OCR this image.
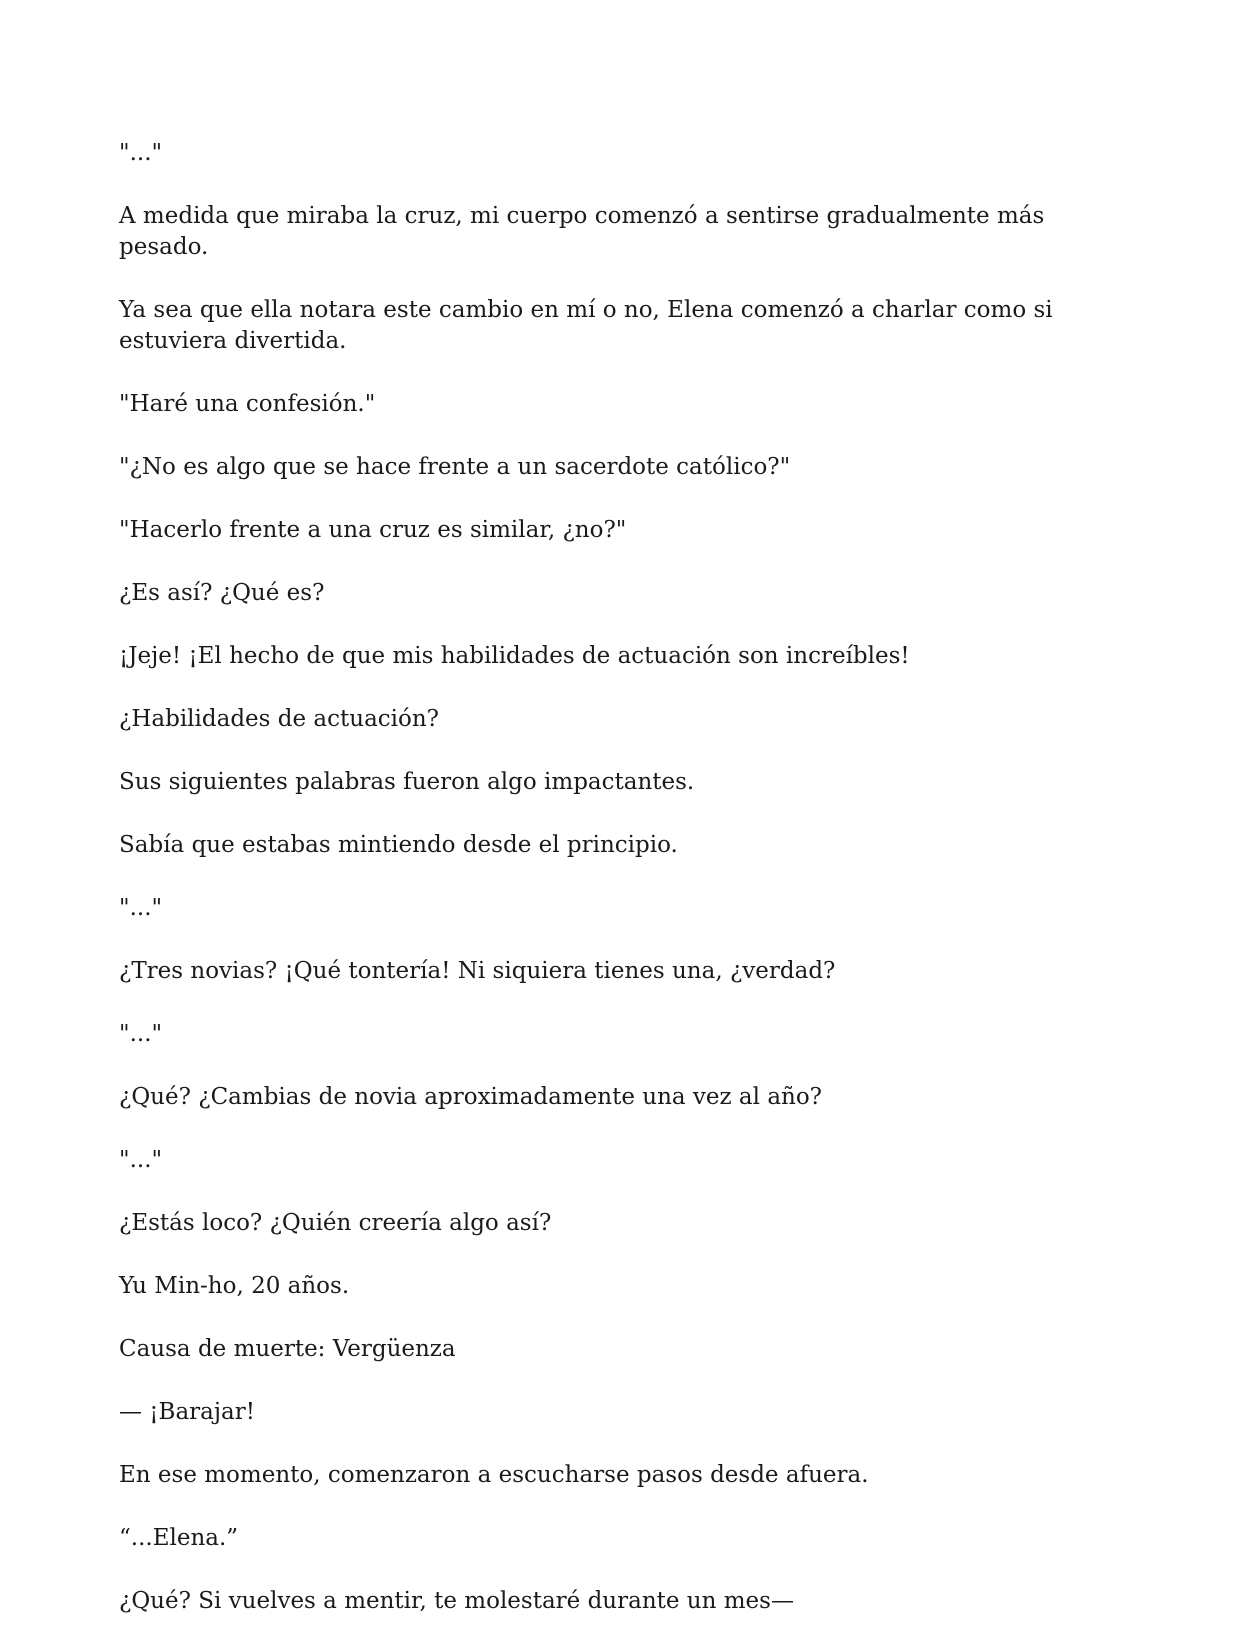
"..."

A medida que miraba la cruz, mi cuerpo comenzó a sentirse gradualmente más pesado.

Ya sea que ella notara este cambio en mí o no, Elena comenzó a charlar como si estuviera divertida.

"Haré una confesión."

"¿No es algo que se hace frente a un sacerdote católico?"

"Hacerlo frente a una cruz es similar, ¿no?"

¿Es así? ¿Qué es?

¡Jeje! ¡El hecho de que mis habilidades de actuación son increíbles!

¿Habilidades de actuación?

Sus siguientes palabras fueron algo impactantes.

Sabía que estabas mintiendo desde el principio.

"..."

¿Tres novias? ¡Qué tontería! Ni siquiera tienes una, ¿verdad?

"..."

¿Qué? ¿Cambias de novia aproximadamente una vez al año?

"..."

¿Estás loco? ¿Quién creería algo así?

Yu Min-ho, 20 años.

Causa de muerte: Vergüenza

— ¡Barajar!

En ese momento, comenzaron a escucharse pasos desde afuera.

“...Elena.”

¿Qué? Si vuelves a mentir, te molestaré durante un mes—
